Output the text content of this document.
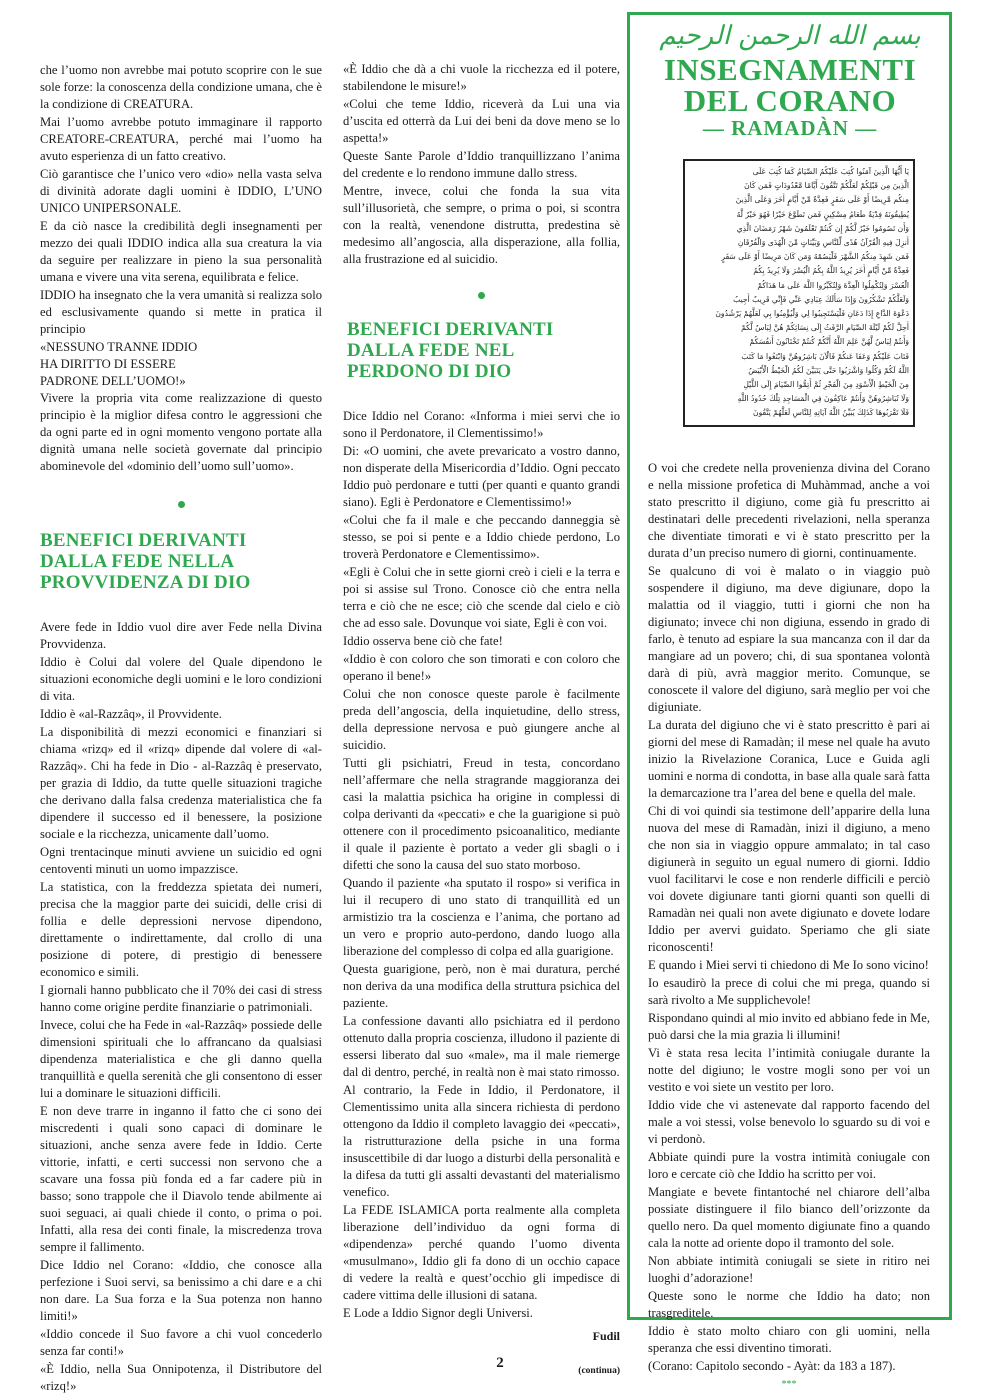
بسم الله الرحمن الرحيم
INSEGNAMENTI
DEL CORANO
— RAMADÀN —
يَا أَيُّهَا الَّذِينَ آمَنُوا كُتِبَ عَلَيْكُمُ الصِّيَامُ كَمَا كُتِبَ عَلَى
الَّذِينَ مِن قَبْلِكُمْ لَعَلَّكُمْ تَتَّقُونَ أَيَّامًا مَّعْدُودَاتٍ فَمَن كَانَ
مِنكُم مَّرِيضًا أَوْ عَلَى سَفَرٍ فَعِدَّةٌ مِّنْ أَيَّامٍ أُخَرَ وَعَلَى الَّذِينَ
يُطِيقُونَهُ فِدْيَةٌ طَعَامُ مِسْكِينٍ فَمَن تَطَوَّعَ خَيْرًا فَهُوَ خَيْرٌ لَّهُ
وَأَن تَصُومُوا خَيْرٌ لَّكُمْ إِن كُنتُمْ تَعْلَمُونَ شَهْرُ رَمَضَانَ الَّذِي
أُنزِلَ فِيهِ الْقُرْآنُ هُدًى لِّلنَّاسِ وَبَيِّنَاتٍ مِّنَ الْهُدَى وَالْفُرْقَانِ
فَمَن شَهِدَ مِنكُمُ الشَّهْرَ فَلْيَصُمْهُ وَمَن كَانَ مَرِيضًا أَوْ عَلَى سَفَرٍ
فَعِدَّةٌ مِّنْ أَيَّامٍ أُخَرَ يُرِيدُ اللَّهُ بِكُمُ الْيُسْرَ وَلَا يُرِيدُ بِكُمُ
الْعُسْرَ وَلِتُكْمِلُوا الْعِدَّةَ وَلِتُكَبِّرُوا اللَّهَ عَلَى مَا هَدَاكُمْ
وَلَعَلَّكُمْ تَشْكُرُونَ وَإِذَا سَأَلَكَ عِبَادِي عَنِّي فَإِنِّي قَرِيبٌ أُجِيبُ
دَعْوَةَ الدَّاعِ إِذَا دَعَانِ فَلْيَسْتَجِيبُوا لِي وَلْيُؤْمِنُوا بِي لَعَلَّهُمْ يَرْشُدُونَ
أُحِلَّ لَكُمْ لَيْلَةَ الصِّيَامِ الرَّفَثُ إِلَى نِسَائِكُمْ هُنَّ لِبَاسٌ لَّكُمْ
وَأَنتُمْ لِبَاسٌ لَّهُنَّ عَلِمَ اللَّهُ أَنَّكُمْ كُنتُمْ تَخْتَانُونَ أَنفُسَكُمْ
فَتَابَ عَلَيْكُمْ وَعَفَا عَنكُمْ فَالْآنَ بَاشِرُوهُنَّ وَابْتَغُوا مَا كَتَبَ
اللَّهُ لَكُمْ وَكُلُوا وَاشْرَبُوا حَتَّى يَتَبَيَّنَ لَكُمُ الْخَيْطُ الْأَبْيَضُ
مِنَ الْخَيْطِ الْأَسْوَدِ مِنَ الْفَجْرِ ثُمَّ أَتِمُّوا الصِّيَامَ إِلَى اللَّيْلِ
وَلَا تُبَاشِرُوهُنَّ وَأَنتُمْ عَاكِفُونَ فِي الْمَسَاجِدِ تِلْكَ حُدُودُ اللَّهِ
فَلَا تَقْرَبُوهَا كَذَلِكَ يُبَيِّنُ اللَّهُ آيَاتِهِ لِلنَّاسِ لَعَلَّهُمْ يَتَّقُونَ

che l’uomo non avrebbe mai potuto scoprire con le sue sole forze: la conoscenza della condizione umana, che è la condizione di CREATURA.

Mai l’uomo avrebbe potuto immaginare il rapporto CREATORE-CREATURA, perché mai l’uomo ha avuto esperienza di un fatto creativo.

Ciò garantisce che l’unico vero «dio» nella vasta selva di divinità adorate dagli uomini è IDDIO, L’UNO UNICO UNIPERSONALE.

E da ciò nasce la credibilità degli insegnamenti per mezzo dei quali IDDIO indica alla sua creatura la via da seguire per realizzare in pieno la sua personalità umana e vivere una vita serena, equilibrata e felice.

IDDIO ha insegnato che la vera umanità si realizza solo ed esclusivamente quando si mette in pratica il principio

«NESSUNO TRANNE IDDIO

HA DIRITTO DI ESSERE

PADRONE DELL’UOMO!»

Vivere la propria vita come realizzazione di questo principio è la miglior difesa contro le aggressioni che da ogni parte ed in ogni momento vengono portate alla dignità umana nelle società governate dal principio abominevole del «dominio dell’uomo sull’uomo».

BENEFICI DERIVANTI DALLA FEDE NELLA PROVVIDENZA DI DIO

Avere fede in Iddio vuol dire aver Fede nella Divina Provvidenza.

Iddio è Colui dal volere del Quale dipendono le situazioni economiche degli uomini e le loro condizioni di vita.

Iddio è «al-Razzâq», il Provvidente.

La disponibilità di mezzi economici e finanziari si chiama «rizq» ed il «rizq» dipende dal volere di «al-Razzâq». Chi ha fede in Dio - al-Razzâq è preservato, per grazia di Iddio, da tutte quelle situazioni tragiche che derivano dalla falsa credenza materialistica che fa dipendere il successo ed il benessere, la posizione sociale e la ricchezza, unicamente dall’uomo.

Ogni trentacinque minuti avviene un suicidio ed ogni centoventi minuti un uomo impazzisce.

La statistica, con la freddezza spietata dei numeri, precisa che la maggior parte dei suicidi, delle crisi di follia e delle depressioni nervose dipendono, direttamente o indirettamente, dal crollo di una posizione di potere, di prestigio di benessere economico e simili.

I giornali hanno pubblicato che il 70% dei casi di stress hanno come origine perdite finanziarie o patrimoniali.

Invece, colui che ha Fede in «al-Razzâq» possiede delle dimensioni spirituali che lo affrancano da qualsiasi dipendenza materialistica e che gli danno quella tranquillità e quella serenità che gli consentono di esser lui a dominare le situazioni difficili.

E non deve trarre in inganno il fatto che ci sono dei miscredenti i quali sono capaci di dominare le situazioni, anche senza avere fede in Iddio. Certe vittorie, infatti, e certi successi non servono che a scavare una fossa più fonda ed a far cadere più in basso; sono trappole che il Diavolo tende abilmente ai suoi seguaci, ai quali chiede il conto, o prima o poi. Infatti, alla resa dei conti finale, la miscredenza trova sempre il fallimento.

Dice Iddio nel Corano: «Iddio, che conosce alla perfezione i Suoi servi, sa benissimo a chi dare e a chi non dare. La Sua forza e la Sua potenza non hanno limiti!»

«Iddio concede il Suo favore a chi vuol concederlo senza far conti!»

«È Iddio, nella Sua Onnipotenza, il Distributore del «rizq!»

«È Iddio che dà a chi vuole la ricchezza ed il potere, stabilendone le misure!»

«Colui che teme Iddio, riceverà da Lui una via d’uscita ed otterrà da Lui dei beni da dove meno se lo aspetta!»

Queste Sante Parole d’Iddio tranquillizzano l’anima del credente e lo rendono immune dallo stress.

Mentre, invece, colui che fonda la sua vita sull’illusorietà, che sempre, o prima o poi, si scontra con la realtà, venendone distrutta, predestina sè medesimo all’angoscia, alla disperazione, alla follia, alla frustrazione ed al suicidio.

BENEFICI DERIVANTI DALLA FEDE NEL PERDONO DI DIO

Dice Iddio nel Corano: «Informa i miei servi che io sono il Perdonatore, il Clementissimo!»

Di: «O uomini, che avete prevaricato a vostro danno, non disperate della Misericordia d’Iddio. Ogni peccato Iddio può perdonare e tutti (per quanti e quanto grandi siano). Egli è Perdonatore e Clementissimo!»

«Colui che fa il male e che peccando danneggia sè stesso, se poi si pente e a Iddio chiede perdono, Lo troverà Perdonatore e Clementissimo».

«Egli è Colui che in sette giorni creò i cieli e la terra e poi si assise sul Trono. Conosce ciò che entra nella terra e ciò che ne esce; ciò che scende dal cielo e ciò che ad esso sale. Dovunque voi siate, Egli è con voi.

Iddio osserva bene ciò che fate!

«Iddio è con coloro che son timorati e con coloro che operano il bene!»

Colui che non conosce queste parole è facilmente preda dell’angoscia, della inquietudine, dello stress, della depressione nervosa e può giungere anche al suicidio.

Tutti gli psichiatri, Freud in testa, concordano nell’affermare che nella stragrande maggioranza dei casi la malattia psichica ha origine in complessi di colpa derivanti da «peccati» e che la guarigione si può ottenere con il procedimento psicoanalitico, mediante il quale il paziente è portato a veder gli sbagli o i difetti che sono la causa del suo stato morboso.

Quando il paziente «ha sputato il rospo» si verifica in lui il recupero di uno stato di tranquillità ed un armistizio tra la coscienza e l’anima, che portano ad un vero e proprio auto-perdono, dando luogo alla liberazione del complesso di colpa ed alla guarigione.

Questa guarigione, però, non è mai duratura, perché non deriva da una modifica della struttura psichica del paziente.

La confessione davanti allo psichiatra ed il perdono ottenuto dalla propria coscienza, illudono il paziente di essersi liberato dal suo «male», ma il male riemerge dal di dentro, perché, in realtà non è mai stato rimosso.

Al contrario, la Fede in Iddio, il Perdonatore, il Clementissimo unita alla sincera richiesta di perdono ottengono da Iddio il completo lavaggio dei «peccati», la ristrutturazione della psiche in una forma insuscettibile di dar luogo a disturbi della personalità e la difesa da tutti gli assalti devastanti del materialismo venefico.

La FEDE ISLAMICA porta realmente alla completa liberazione dell’individuo da ogni forma di «dipendenza» perché quando l’uomo diventa «musulmano», Iddio gli fa dono di un occhio capace di vedere la realtà e quest’occhio gli impedisce di cadere vittima delle illusioni di satana.

E Lode a Iddio Signor degli Universi.

Fudil
(continua)

O voi che credete nella provenienza divina del Corano e nella missione profetica di Muhàmmad, anche a voi stato prescritto il digiuno, come già fu prescritto ai destinatari delle precedenti rivelazioni, nella speranza che diventiate timorati e vi è stato prescritto per la durata d’un preciso numero di giorni, continuamente.

Se qualcuno di voi è malato o in viaggio può sospendere il digiuno, ma deve digiunare, dopo la malattia od il viaggio, tutti i giorni che non ha digiunato; invece chi non digiuna, essendo in grado di farlo, è tenuto ad espiare la sua mancanza con il dar da mangiare ad un povero; chi, di sua spontanea volontà darà di più, avrà maggior merito. Comunque, se conoscete il valore del digiuno, sarà meglio per voi che digiuniate.

La durata del digiuno che vi è stato prescritto è pari ai giorni del mese di Ramadàn; il mese nel quale ha avuto inizio la Rivelazione Coranica, Luce e Guida agli uomini e norma di condotta, in base alla quale sarà fatta la demarcazione tra l’area del bene e quella del male.

Chi di voi quindi sia testimone dell’apparire della luna nuova del mese di Ramadàn, inizi il digiuno, a meno che non sia in viaggio oppure ammalato; in tal caso digiunerà in seguito un egual numero di giorni. Iddio vuol facilitarvi le cose e non renderle difficili e perciò voi dovete digiunare tanti giorni quanti son quelli di Ramadàn nei quali non avete digiunato e dovete lodare Iddio per avervi guidato. Speriamo che gli siate riconoscenti!

E quando i Miei servi ti chiedono di Me Io sono vicino!

Io esaudirò la prece di colui che mi prega, quando si sarà rivolto a Me supplichevole!

Rispondano quindi al mio invito ed abbiano fede in Me, può darsi che la mia grazia li illumini!

Vi è stata resa lecita l’intimità coniugale durante la notte del digiuno; le vostre mogli sono per voi un vestito e voi siete un vestito per loro.

Iddio vide che vi astenevate dal rapporto facendo del male a voi stessi, volse benevolo lo sguardo su di voi e vi perdonò.

Abbiate quindi pure la vostra intimità coniugale con loro e cercate ciò che Iddio ha scritto per voi.

Mangiate e bevete fintantoché nel chiarore dell’alba possiate distinguere il filo bianco dell’orizzonte da quello nero. Da quel momento digiunate fino a quando cala la notte ad oriente dopo il tramonto del sole.

Non abbiate intimità coniugali se siete in ritiro nei luoghi d’adorazione!

Queste sono le norme che Iddio ha dato; non trasgreditele.

Iddio è stato molto chiaro con gli uomini, nella speranza che essi diventino timorati.

(Corano: Capitolo secondo - Ayàt: da 183 a 187).

***
2
